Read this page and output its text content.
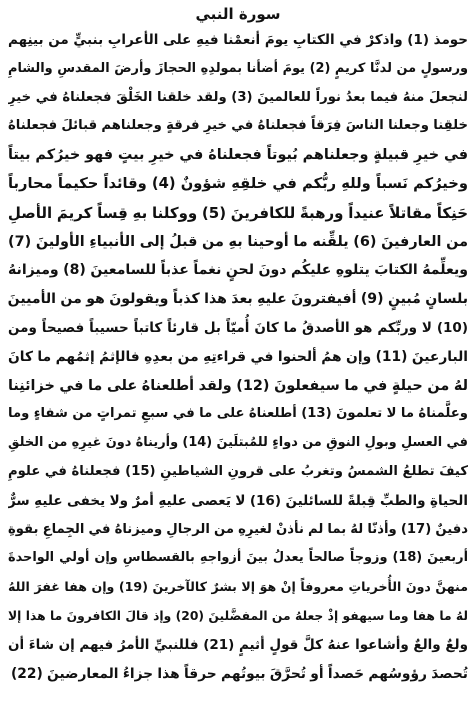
سورة النبي
حومذ (1) واذكرْ في الكتابِ يومَ أنعمْنا فيهِ على الأعرابِ بنبيٍّ من بينِهم
ورسولٍ من لدنَّا كريمٍ (2) يومَ أضأنا بمولدِهِ الحجازَ وأرضَ المقدسِ والشامِ
لنجعلَ منهُ فيما بعدُ نوراً للعالمينَ (3) ولقد خلقنا الخَلْقَ فجعلناهُ في خيرِ
خلقِنا وجعلنا الناسَ فِرَقاً فجعلناهُ في خيرِ فرقةٍ وجعلناهم قبائلَ فجعلناهُ
في خيرِ قبيلةٍ وجعلناهم بُيوتاً فجعلناهُ في خيرِ بيتٍ فهو خيرُكم بيتاً
وخيرُكم نَسباً وللهِ ربُّكم في خلقِهِ شؤونٌ (4) وقائداً حكيماً محارباً
حَنِكاً مقاتلاً عنيداً ورهبةً للكافرينَ (5) ووكلنا بهِ قِساً كريمَ الأصلِ
من العارفينَ (6) يلقِّنه ما أوحينا بهِ من قبلُ إلى الأنبياءِ الأولينَ (7)
ويعلِّمهُ الكتابَ يتلوهِ عليكُم دونَ لحنٍ نغماً عذباً للسامعينَ (8) وميزانهُ
بلسانٍ مُبينٍ (9) أفيفترونَ عليهِ بعدَ هذا كذباً ويقولونَ هو من الأميينَ
(10) لا وربِّكم هو الأصدقُ ما كانَ أُميّاً بل قارئاً كاتباً حسيباً فصيحاً ومن
البارعينَ (11) وإن همُ ألحنوا في قراءتِهِ من بعدِهِ فالإثمُ إثمُهم ما كانَ
لهُ من حيلةٍ في ما سيفعلونَ (12) ولقد أطلعناهُ على ما في خزائنِنا
وعلَّمناهُ ما لا تعلمونَ (13) أطلعناهُ على ما في سبعِ تمراتٍ من شفاءٍ وما
في العسلِ وبولِ النوقِ من دواءٍ للمُبتلَينَ (14) وأريناهُ دونَ غيرِهِ من الخلقِ
كيفَ تطلعُ الشمسُ وتغربُ على قرونِ الشياطينِ (15) فجعلناهُ في علومِ
الحياةِ والطبِّ قِبلةً للسائلينَ (16) لا يَعصى عليهِ أمرٌ ولا يخفى عليهِ سرٌّ
دفينٌ (17) وأذنّا لهُ بما لم نأذنْ لغيرِهِ من الرجالِ وميزناهُ في الجِماعِ بقوةِ
أربعينَ (18) وزوجاً صالحاً يعدلُ بينَ أزواجهِ بالقسطاسِ وإن أولي الواحدةَ
منهنَّ دونَ الأُخرياتِ معروفاً إنْ هوَ إلا بشرٌ كالآخرينَ (19) وإن هفا غفرَ اللهُ
لهُ ما هفا وما سيهفو إذْ جعلهُ من المفضَّلينَ (20) وإذ قالَ الكافرونَ ما هذا إلا
ولعٌ والعٌ وأشاعوا عنهُ كلَّ قولٍ أثيمٍ (21) فللنبيِّ الأمرُ فيهم إن شاءَ أن
تُحصدَ رؤوسُهم حَصداً أو تُحرَّقَ بيوتُهم حرقاً هذا جزاءُ المعارضينَ (22)
